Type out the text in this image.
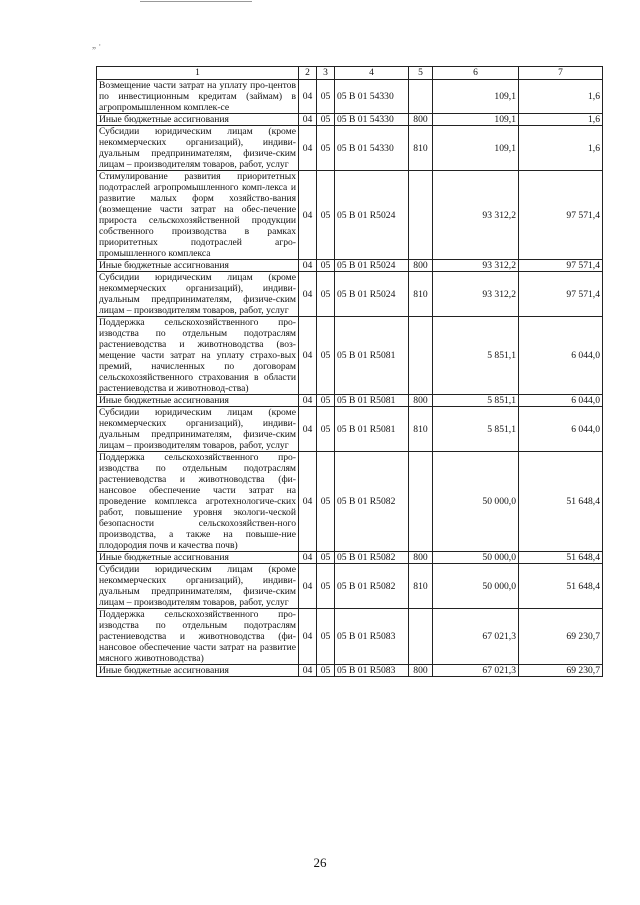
„ ·
1	2	3	4	5	6	7
Возмещение части затрат на уплату про-центов по инвестиционным кредитам (займам) в агропромышленном комплек-се	04	05	05 В 01 54330		109,1	1,6
Иные бюджетные ассигнования	04	05	05 В 01 54330	800	109,1	1,6
Субсидии юридическим лицам (кроме некоммерческих организаций), индиви-дуальным предпринимателям, физиче-ским лицам – производителям товаров, работ, услуг	04	05	05 В 01 54330	810	109,1	1,6
Стимулирование развития приоритетных подотраслей агропромышленного комп-лекса и развитие малых форм хозяйство-вания (возмещение части затрат на обес-печение прироста сельскохозяйственной продукции собственного производства в рамках приоритетных подотраслей агро-промышленного комплекса	04	05	05 В 01 R5024		93 312,2	97 571,4
Иные бюджетные ассигнования	04	05	05 В 01 R5024	800	93 312,2	97 571,4
Субсидии юридическим лицам (кроме некоммерческих организаций), индиви-дуальным предпринимателям, физиче-ским лицам – производителям товаров, работ, услуг	04	05	05 В 01 R5024	810	93 312,2	97 571,4
Поддержка сельскохозяйственного про-изводства по отдельным подотраслям растениеводства и животноводства (воз-мещение части затрат на уплату страхо-вых премий, начисленных по договорам сельскохозяйственного страхования в области растениеводства и животновод-ства)	04	05	05 В 01 R5081		5 851,1	6 044,0
Иные бюджетные ассигнования	04	05	05 В 01 R5081	800	5 851,1	6 044,0
Субсидии юридическим лицам (кроме некоммерческих организаций), индиви-дуальным предпринимателям, физиче-ским лицам – производителям товаров, работ, услуг	04	05	05 В 01 R5081	810	5 851,1	6 044,0
Поддержка сельскохозяйственного про-изводства по отдельным подотраслям растениеводства и животноводства (фи-нансовое обеспечение части затрат на проведение комплекса агротехнологиче-ских работ, повышение уровня экологи-ческой безопасности сельскохозяйствен-ного производства, а также на повыше-ние плодородия почв и качества почв)	04	05	05 В 01 R5082		50 000,0	51 648,4
Иные бюджетные ассигнования	04	05	05 В 01 R5082	800	50 000,0	51 648,4
Субсидии юридическим лицам (кроме некоммерческих организаций), индиви-дуальным предпринимателям, физиче-ским лицам – производителям товаров, работ, услуг	04	05	05 В 01 R5082	810	50 000,0	51 648,4
Поддержка сельскохозяйственного про-изводства по отдельным подотраслям растениеводства и животноводства (фи-нансовое обеспечение части затрат на развитие мясного животноводства)	04	05	05 В 01 R5083		67 021,3	69 230,7
Иные бюджетные ассигнования	04	05	05 В 01 R5083	800	67 021,3	69 230,7
26
